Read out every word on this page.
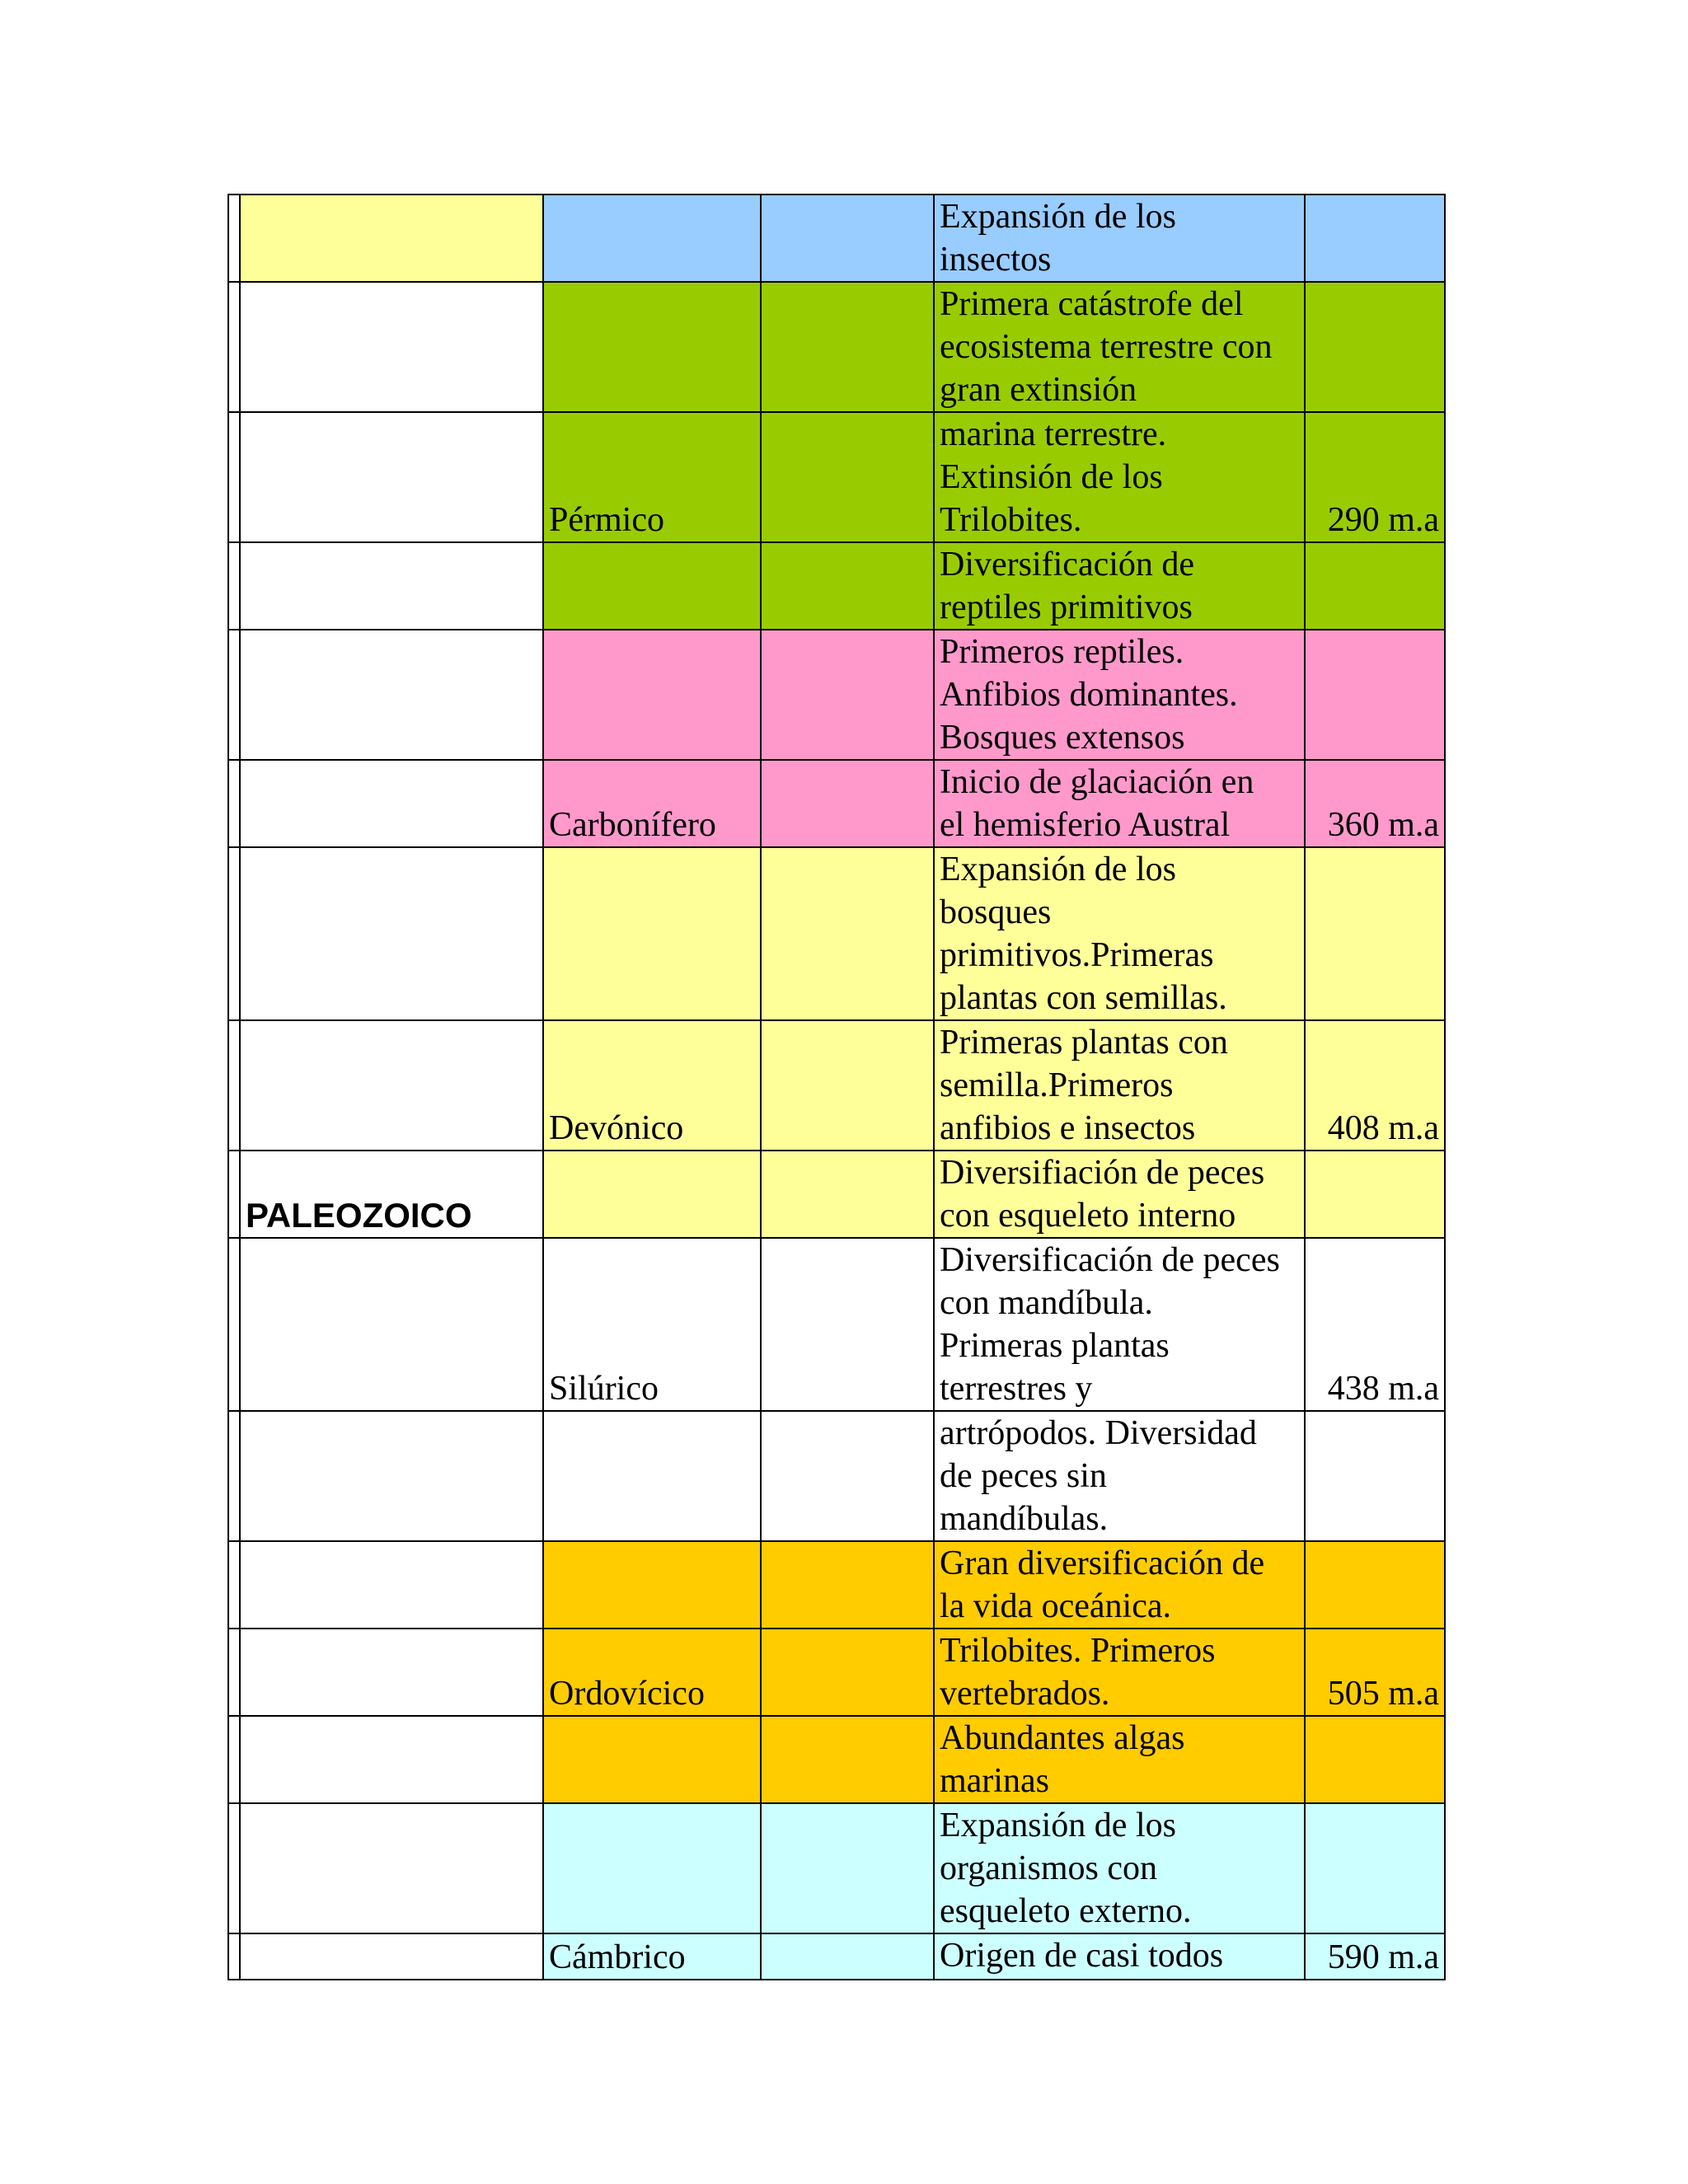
				Expansión de los
insectos	
				Primera catástrofe del
ecosistema terrestre con
gran extinsión	
		Pérmico		marina terrestre.
Extinsión de los
Trilobites.	290 m.a
				Diversificación de
reptiles primitivos	
				Primeros reptiles.
Anfibios dominantes.
Bosques extensos	
		Carbonífero		Inicio de glaciación en
el hemisferio Austral	360 m.a
				Expansión de los
bosques
primitivos.Primeras
plantas con semillas.	
		Devónico		Primeras plantas con
semilla.Primeros
anfibios e insectos	408 m.a
	PALEOZOICO			Diversifiación de peces
con esqueleto interno	
		Silúrico		Diversificación de peces
con mandíbula.
Primeras plantas
terrestres y	438 m.a
				artrópodos. Diversidad
de peces sin
mandíbulas.	
				Gran diversificación de
la vida oceánica.	
		Ordovícico		Trilobites. Primeros
vertebrados.	505 m.a
				Abundantes algas
marinas	
				Expansión de los
organismos con
esqueleto externo.	
		Cámbrico		Origen de casi todos	590 m.a
